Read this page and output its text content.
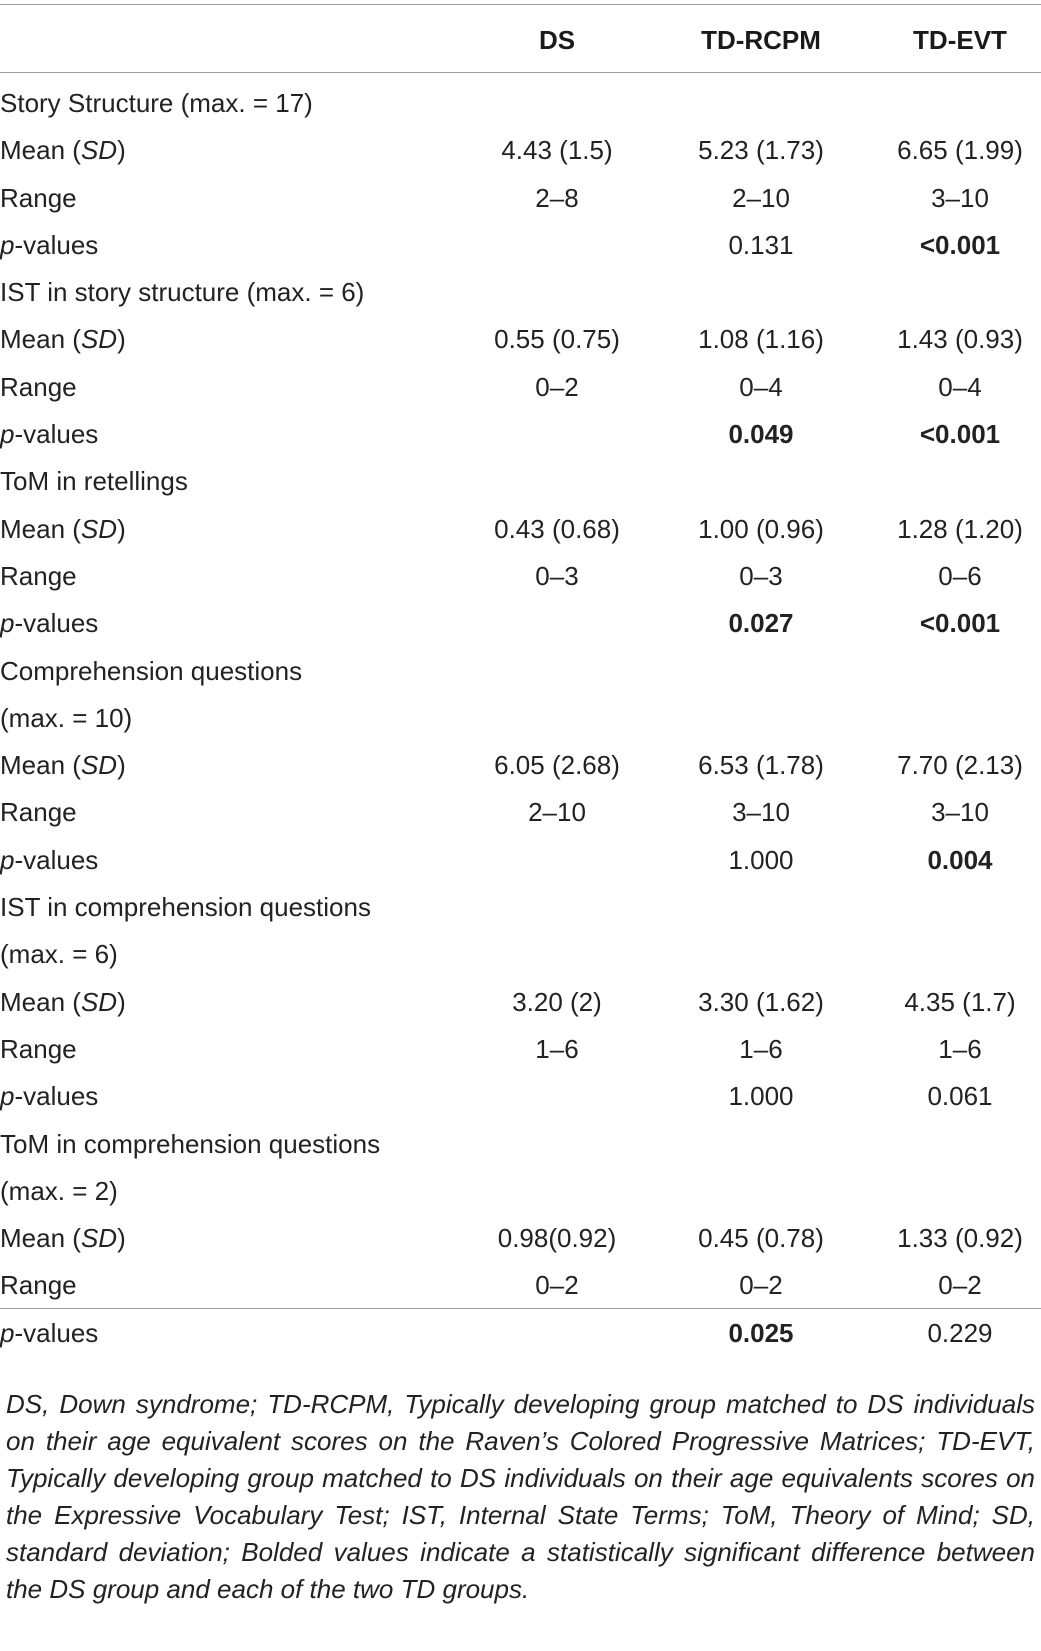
	DS	TD-RCPM	TD-EVT
Story Structure (max. = 17)			
Mean (SD)	4.43 (1.5)	5.23 (1.73)	6.65 (1.99)
Range	2–8	2–10	3–10
p-values		0.131	<0.001
IST in story structure (max. = 6)			
Mean (SD)	0.55 (0.75)	1.08 (1.16)	1.43 (0.93)
Range	0–2	0–4	0–4
p-values		0.049	<0.001
ToM in retellings			
Mean (SD)	0.43 (0.68)	1.00 (0.96)	1.28 (1.20)
Range	0–3	0–3	0–6
p-values		0.027	<0.001
Comprehension questions			
(max. = 10)			
Mean (SD)	6.05 (2.68)	6.53 (1.78)	7.70 (2.13)
Range	2–10	3–10	3–10
p-values		1.000	0.004
IST in comprehension questions			
(max. = 6)			
Mean (SD)	3.20 (2)	3.30 (1.62)	4.35 (1.7)
Range	1–6	1–6	1–6
p-values		1.000	0.061
ToM in comprehension questions			
(max. = 2)			
Mean (SD)	0.98(0.92)	0.45 (0.78)	1.33 (0.92)
Range	0–2	0–2	0–2
p-values		0.025	0.229
DS, Down syndrome; TD-RCPM, Typically developing group matched to DS individuals on their age equivalent scores on the Raven’s Colored Progressive Matrices; TD-EVT, Typically developing group matched to DS individuals on their age equivalents scores on the Expressive Vocabulary Test; IST, Internal State Terms; ToM, Theory of Mind; SD, standard deviation; Bolded values indicate a statistically significant difference between the DS group and each of the two TD groups.
